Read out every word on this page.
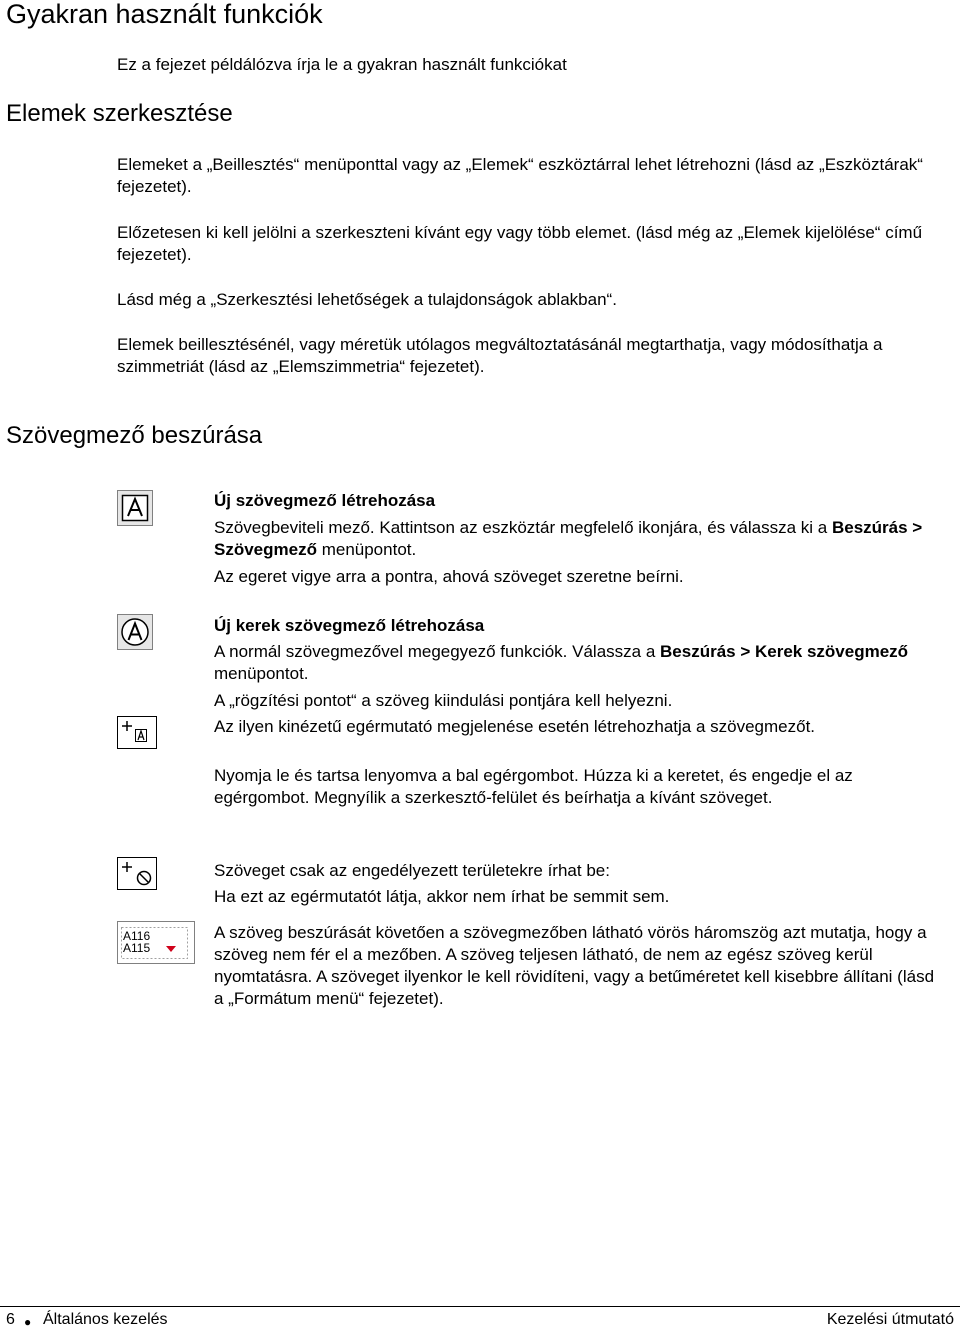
Gyakran használt funkciók
Ez a fejezet példálózva írja le a gyakran használt funkciókat
Elemek szerkesztése
Elemeket a „Beillesztés“ menüponttal vagy az „Elemek“ eszköztárral lehet létrehozni (lásd az „Eszköztárak“ fejezetet).
Előzetesen ki kell jelölni a szerkeszteni kívánt egy vagy több elemet. (lásd még az „Elemek kijelölése“ című fejezetet).
Lásd még a „Szerkesztési lehetőségek a tulajdonságok ablakban“.
Elemek beillesztésénél, vagy méretük utólagos megváltoztatásánál megtarthatja, vagy módosíthatja a szimmetriát (lásd az „Elemszimmetria“ fejezetet).
Szövegmező beszúrása
Új szövegmező létrehozása
Szövegbeviteli mező. Kattintson az eszköztár megfelelő ikonjára, és válassza ki a Beszúrás > Szövegmező menüpontot.
Az egeret vigye arra a pontra, ahová szöveget szeretne beírni.
Új kerek szövegmező létrehozása
A normál szövegmezővel megegyező funkciók. Válassza a Beszúrás > Kerek szövegmező menüpontot.
A „rögzítési pontot“ a szöveg kiindulási pontjára kell helyezni.
Az ilyen kinézetű egérmutató megjelenése esetén létrehozhatja a szövegmezőt.
Nyomja le és tartsa lenyomva a bal egérgombot. Húzza ki a keretet, és engedje el az egérgombot. Megnyílik a szerkesztő-felület és beírhatja a kívánt szöveget.
Szöveget csak az engedélyezett területekre írhat be:
Ha ezt az egérmutatót látja, akkor nem írhat be semmit sem.
A116
A115
A szöveg beszúrását követően a szövegmezőben látható vörös háromszög azt mutatja, hogy a szöveg nem fér el a mezőben. A szöveg teljesen látható, de nem az egész szöveg kerül nyomtatásra. A szöveget ilyenkor le kell rövidíteni, vagy a betűméretet kell kisebbre állítani (lásd a „Formátum menü“ fejezetet).
6 ● Általános kezelés	Kezelési útmutató
